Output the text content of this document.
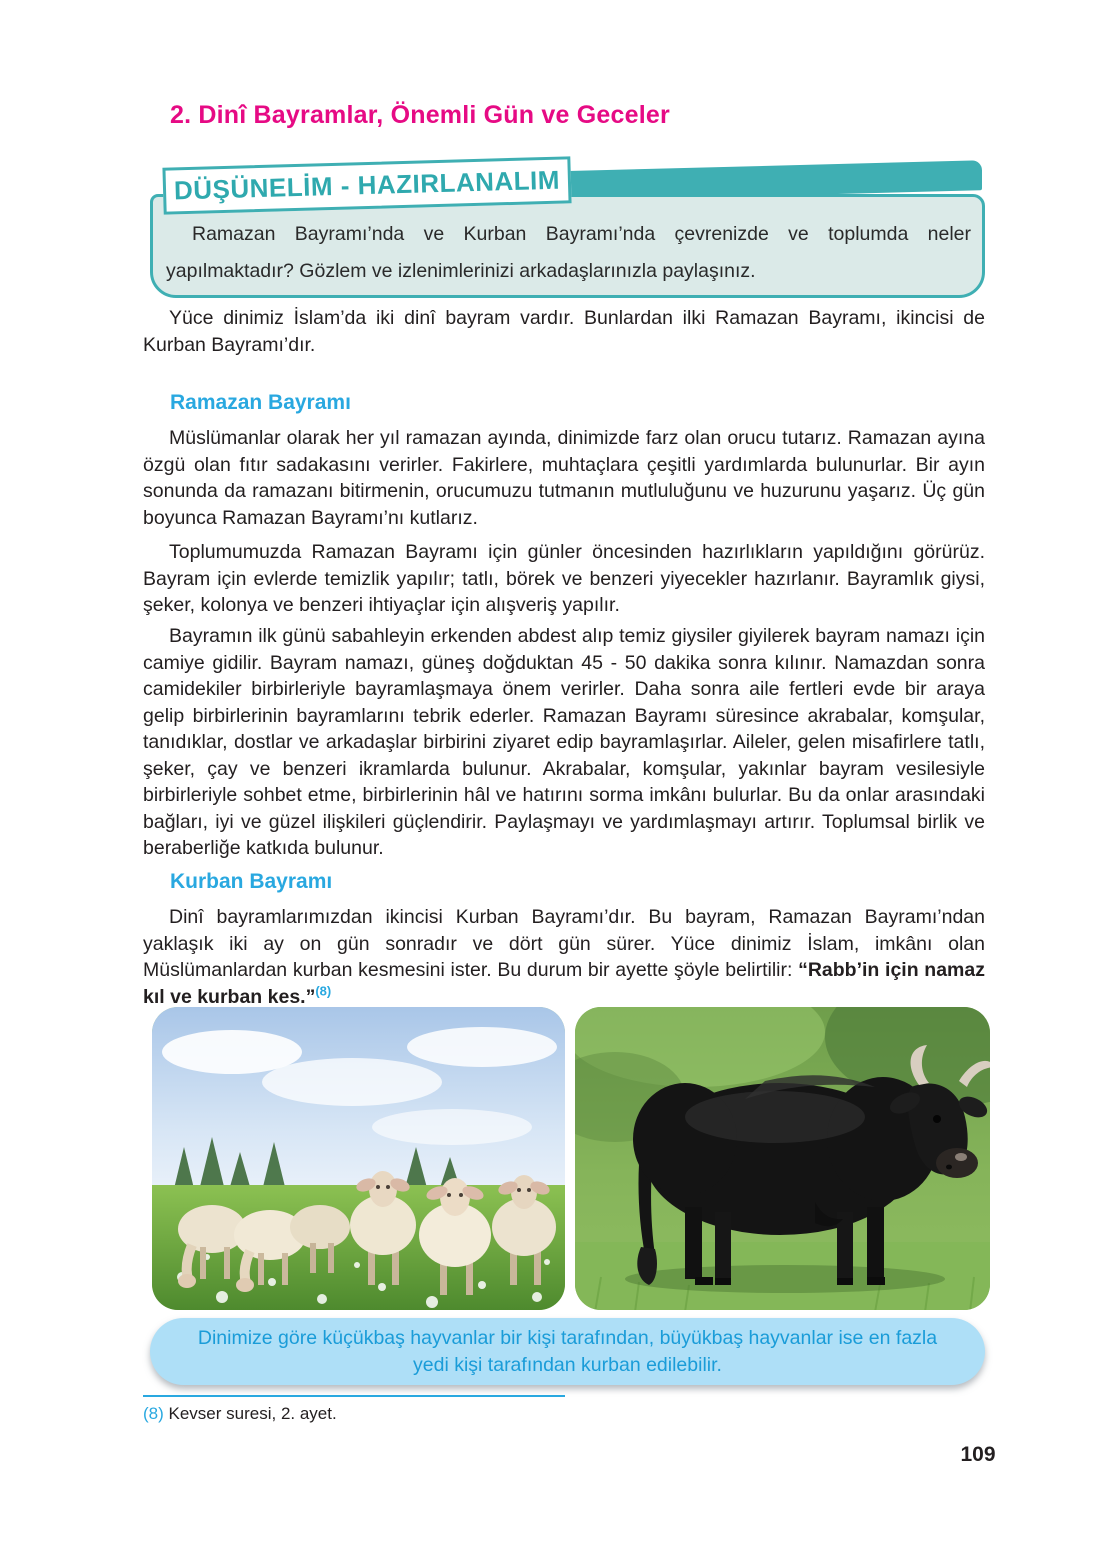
2. Dinî Bayramlar, Önemli Gün ve Geceler
DÜŞÜNELİM - HAZIRLANALIM

Ramazan Bayramı’nda ve Kurban Bayramı’nda çevrenizde ve toplumda neler yapılmaktadır? Gözlem ve izlenimlerinizi arkadaşlarınızla paylaşınız.

Yüce dinimiz İslam’da iki dinî bayram vardır. Bunlardan ilki Ramazan Bayramı, ikincisi de Kurban Bayramı’dır.

Ramazan Bayramı

Müslümanlar olarak her yıl ramazan ayında, dinimizde farz olan orucu tutarız. Ramazan ayına özgü olan fıtır sadakasını verirler. Fakirlere, muhtaçlara çeşitli yardımlarda bulunurlar. Bir ayın sonunda da ramazanı bitirmenin, orucumuzu tutmanın mutluluğunu ve huzurunu yaşarız. Üç gün boyunca Ramazan Bayramı’nı kutlarız.

Toplumumuzda Ramazan Bayramı için günler öncesinden hazırlıkların yapıldığını görürüz. Bayram için evlerde temizlik yapılır; tatlı, börek ve benzeri yiyecekler hazırlanır. Bayramlık giysi, şeker, kolonya ve benzeri ihtiyaçlar için alışveriş yapılır.

Bayramın ilk günü sabahleyin erkenden abdest alıp temiz giysiler giyilerek bayram namazı için camiye gidilir. Bayram namazı, güneş doğduktan 45 - 50 dakika sonra kılınır. Namazdan sonra camidekiler birbirleriyle bayramlaşmaya önem verirler. Daha sonra aile fertleri evde bir araya gelip birbirlerinin bayramlarını tebrik ederler. Ramazan Bayramı süresince akrabalar, komşular, tanıdıklar, dostlar ve arkadaşlar birbirini ziyaret edip bayramlaşırlar. Aileler, gelen misafirlere tatlı, şeker, çay ve benzeri ikramlarda bulunur. Akrabalar, komşular, yakınlar bayram vesilesiyle birbirleriyle sohbet etme, birbirlerinin hâl ve hatırını sorma imkânı bulurlar. Bu da onlar arasındaki bağları, iyi ve güzel ilişkileri güçlendirir. Paylaşmayı ve yardımlaşmayı artırır. Toplumsal birlik ve beraberliğe katkıda bulunur.

Kurban Bayramı

Dinî bayramlarımızdan ikincisi Kurban Bayramı’dır. Bu bayram, Ramazan Bayramı’ndan yaklaşık iki ay on gün sonradır ve dört gün sürer. Yüce dinimiz İslam, imkânı olan Müslümanlardan kurban kesmesini ister. Bu durum bir ayette şöyle belirtilir: “Rabb’in için namaz kıl ve kurban kes.”$^{(8)}$

Dinimize göre küçükbaş hayvanlar bir kişi tarafından, büyükbaş hayvanlar ise en fazla yedi kişi tarafından kurban edilebilir.

(8) Kevser suresi, 2. ayet.

109
